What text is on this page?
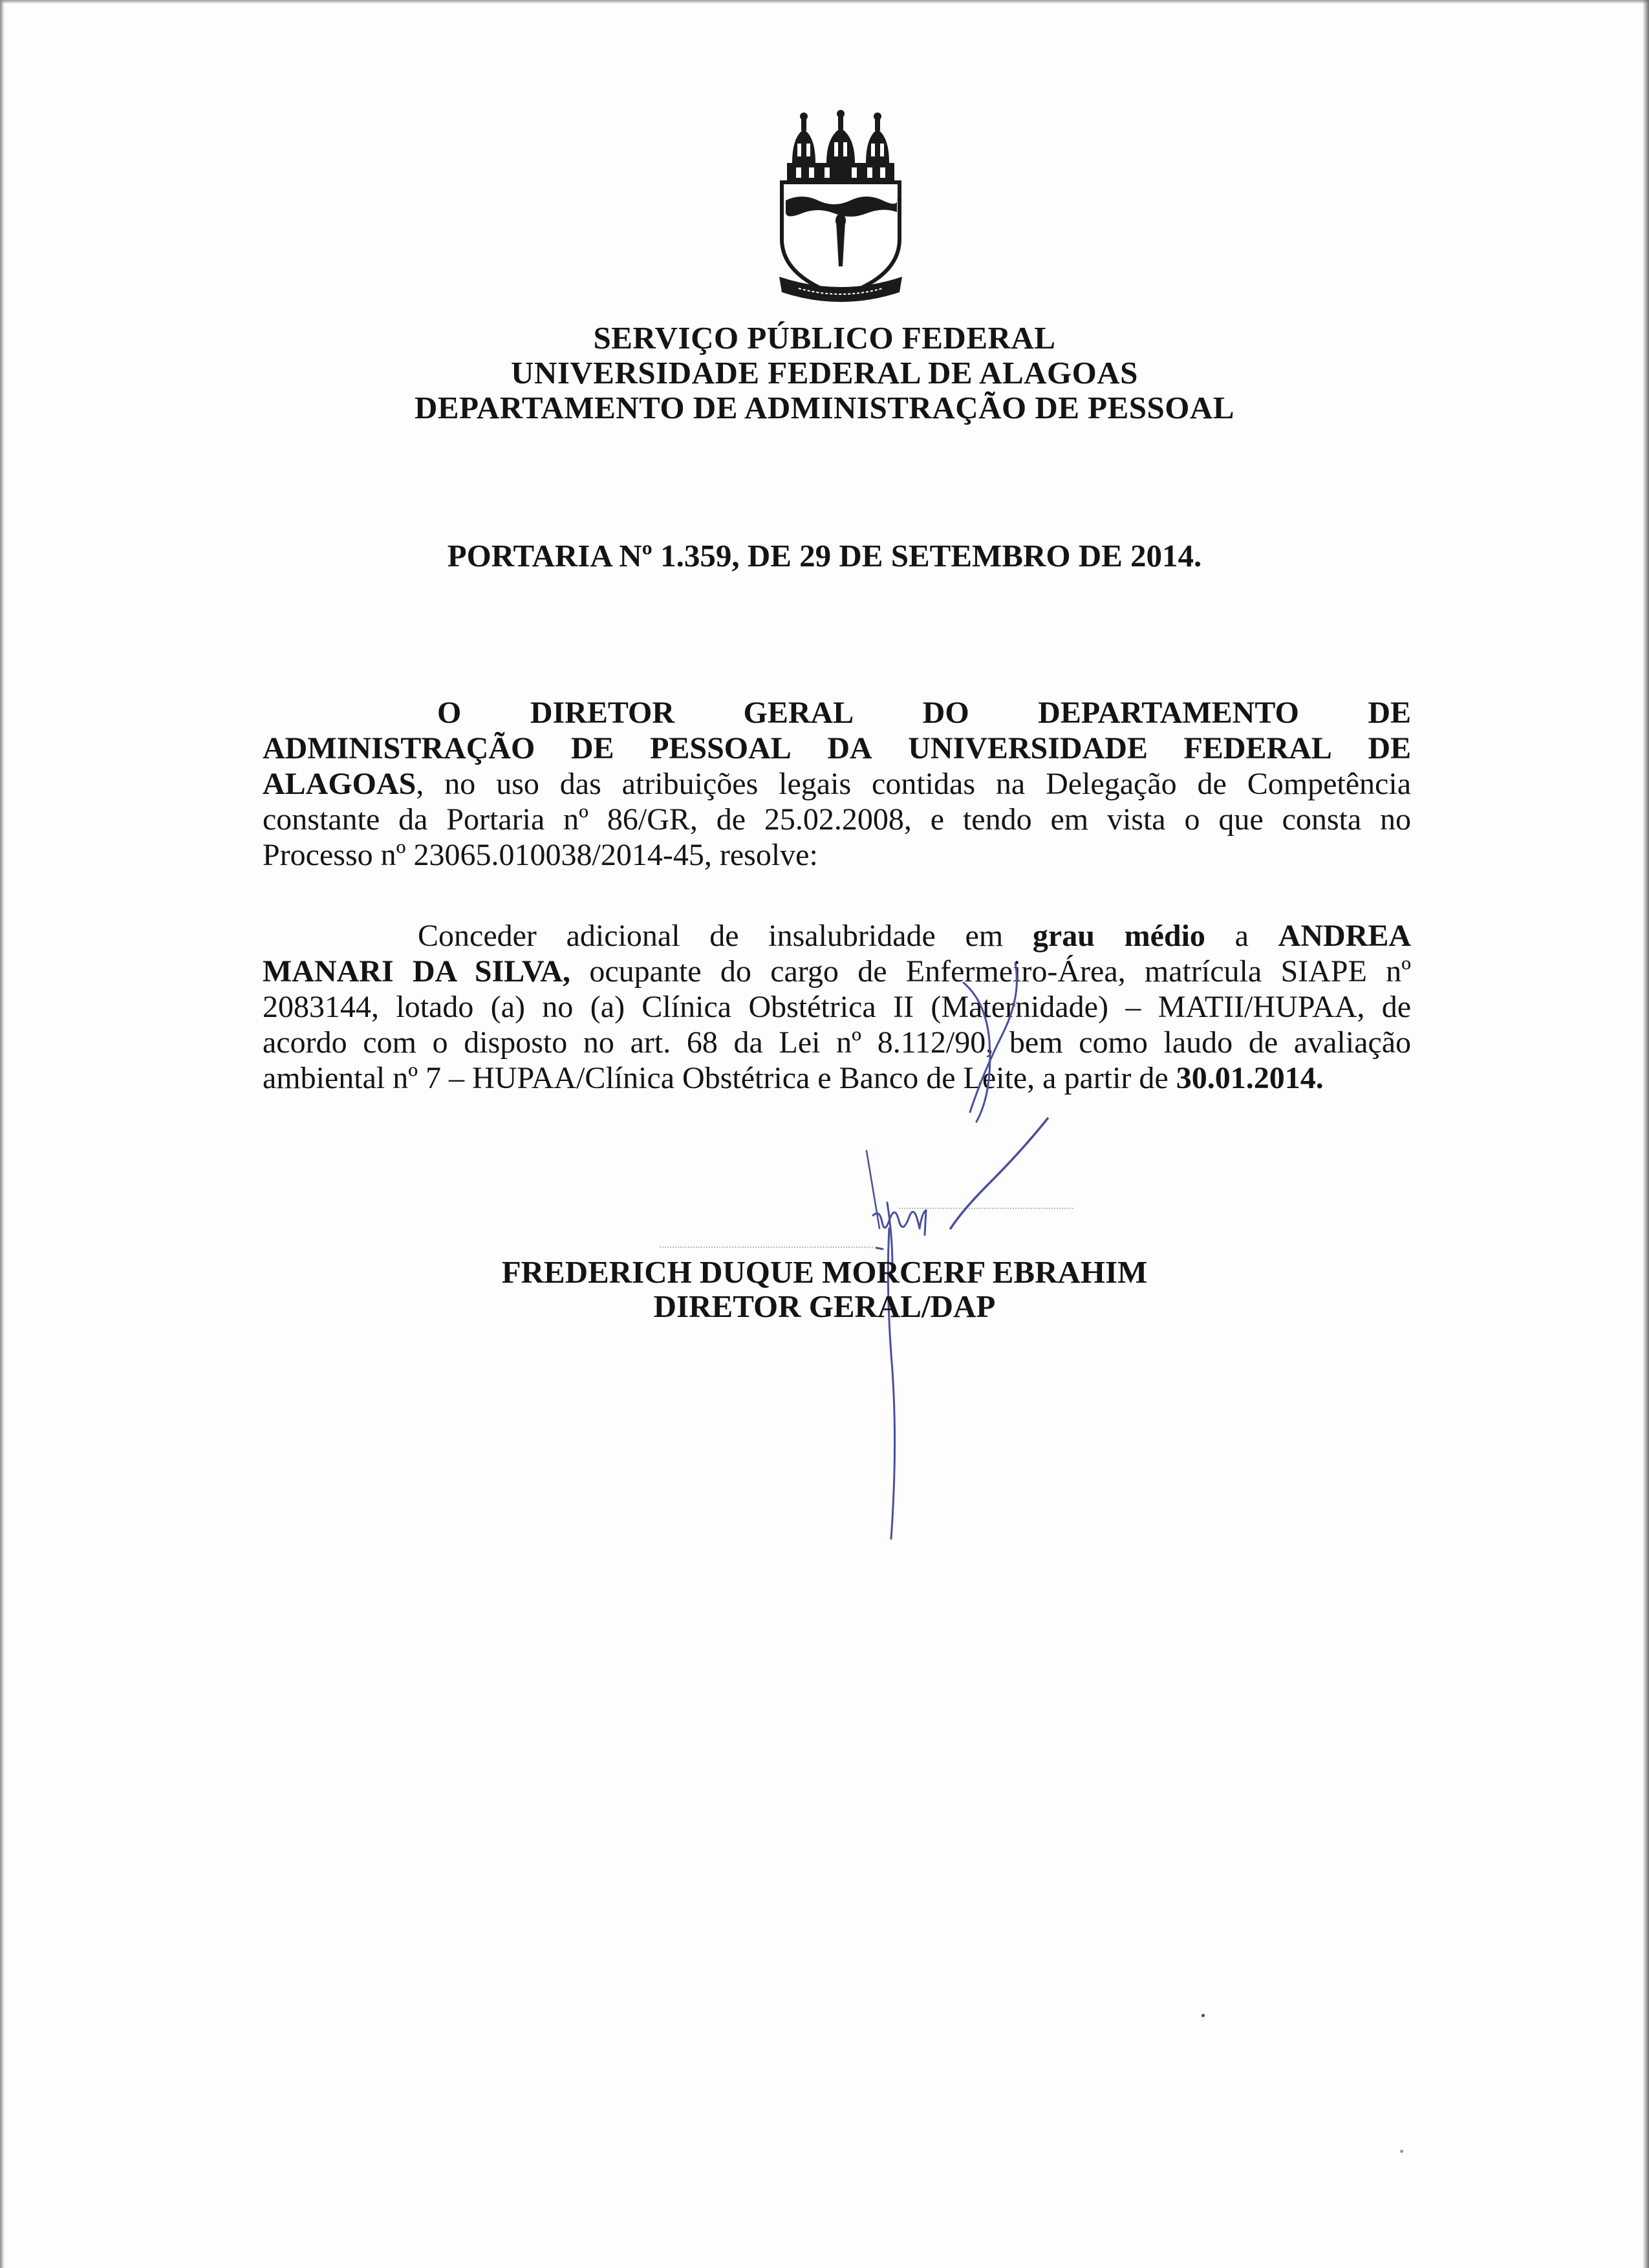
SERVIÇO PÚBLICO FEDERAL
UNIVERSIDADE FEDERAL DE ALAGOAS
DEPARTAMENTO DE ADMINISTRAÇÃO DE PESSOAL
PORTARIA Nº 1.359, DE 29 DE SETEMBRO DE 2014.
O DIRETOR GERAL DO DEPARTAMENTO DE
ADMINISTRAÇÃO DE PESSOAL DA UNIVERSIDADE FEDERAL DE
ALAGOAS, no uso das atribuições legais contidas na Delegação de Competência
constante da Portaria nº 86/GR, de 25.02.2008, e tendo em vista o que consta no
Processo nº 23065.010038/2014-45, resolve:
Conceder adicional de insalubridade em grau médio a ANDREA
MANARI DA SILVA, ocupante do cargo de Enfermeiro-Área, matrícula SIAPE nº
2083144, lotado (a) no (a) Clínica Obstétrica II (Maternidade) – MATII/HUPAA, de
acordo com o disposto no art. 68 da Lei nº 8.112/90, bem como laudo de avaliação
ambiental nº 7 – HUPAA/Clínica Obstétrica e Banco de Leite, a partir de 30.01.2014.
FREDERICH DUQUE MORCERF EBRAHIM
DIRETOR GERAL/DAP
